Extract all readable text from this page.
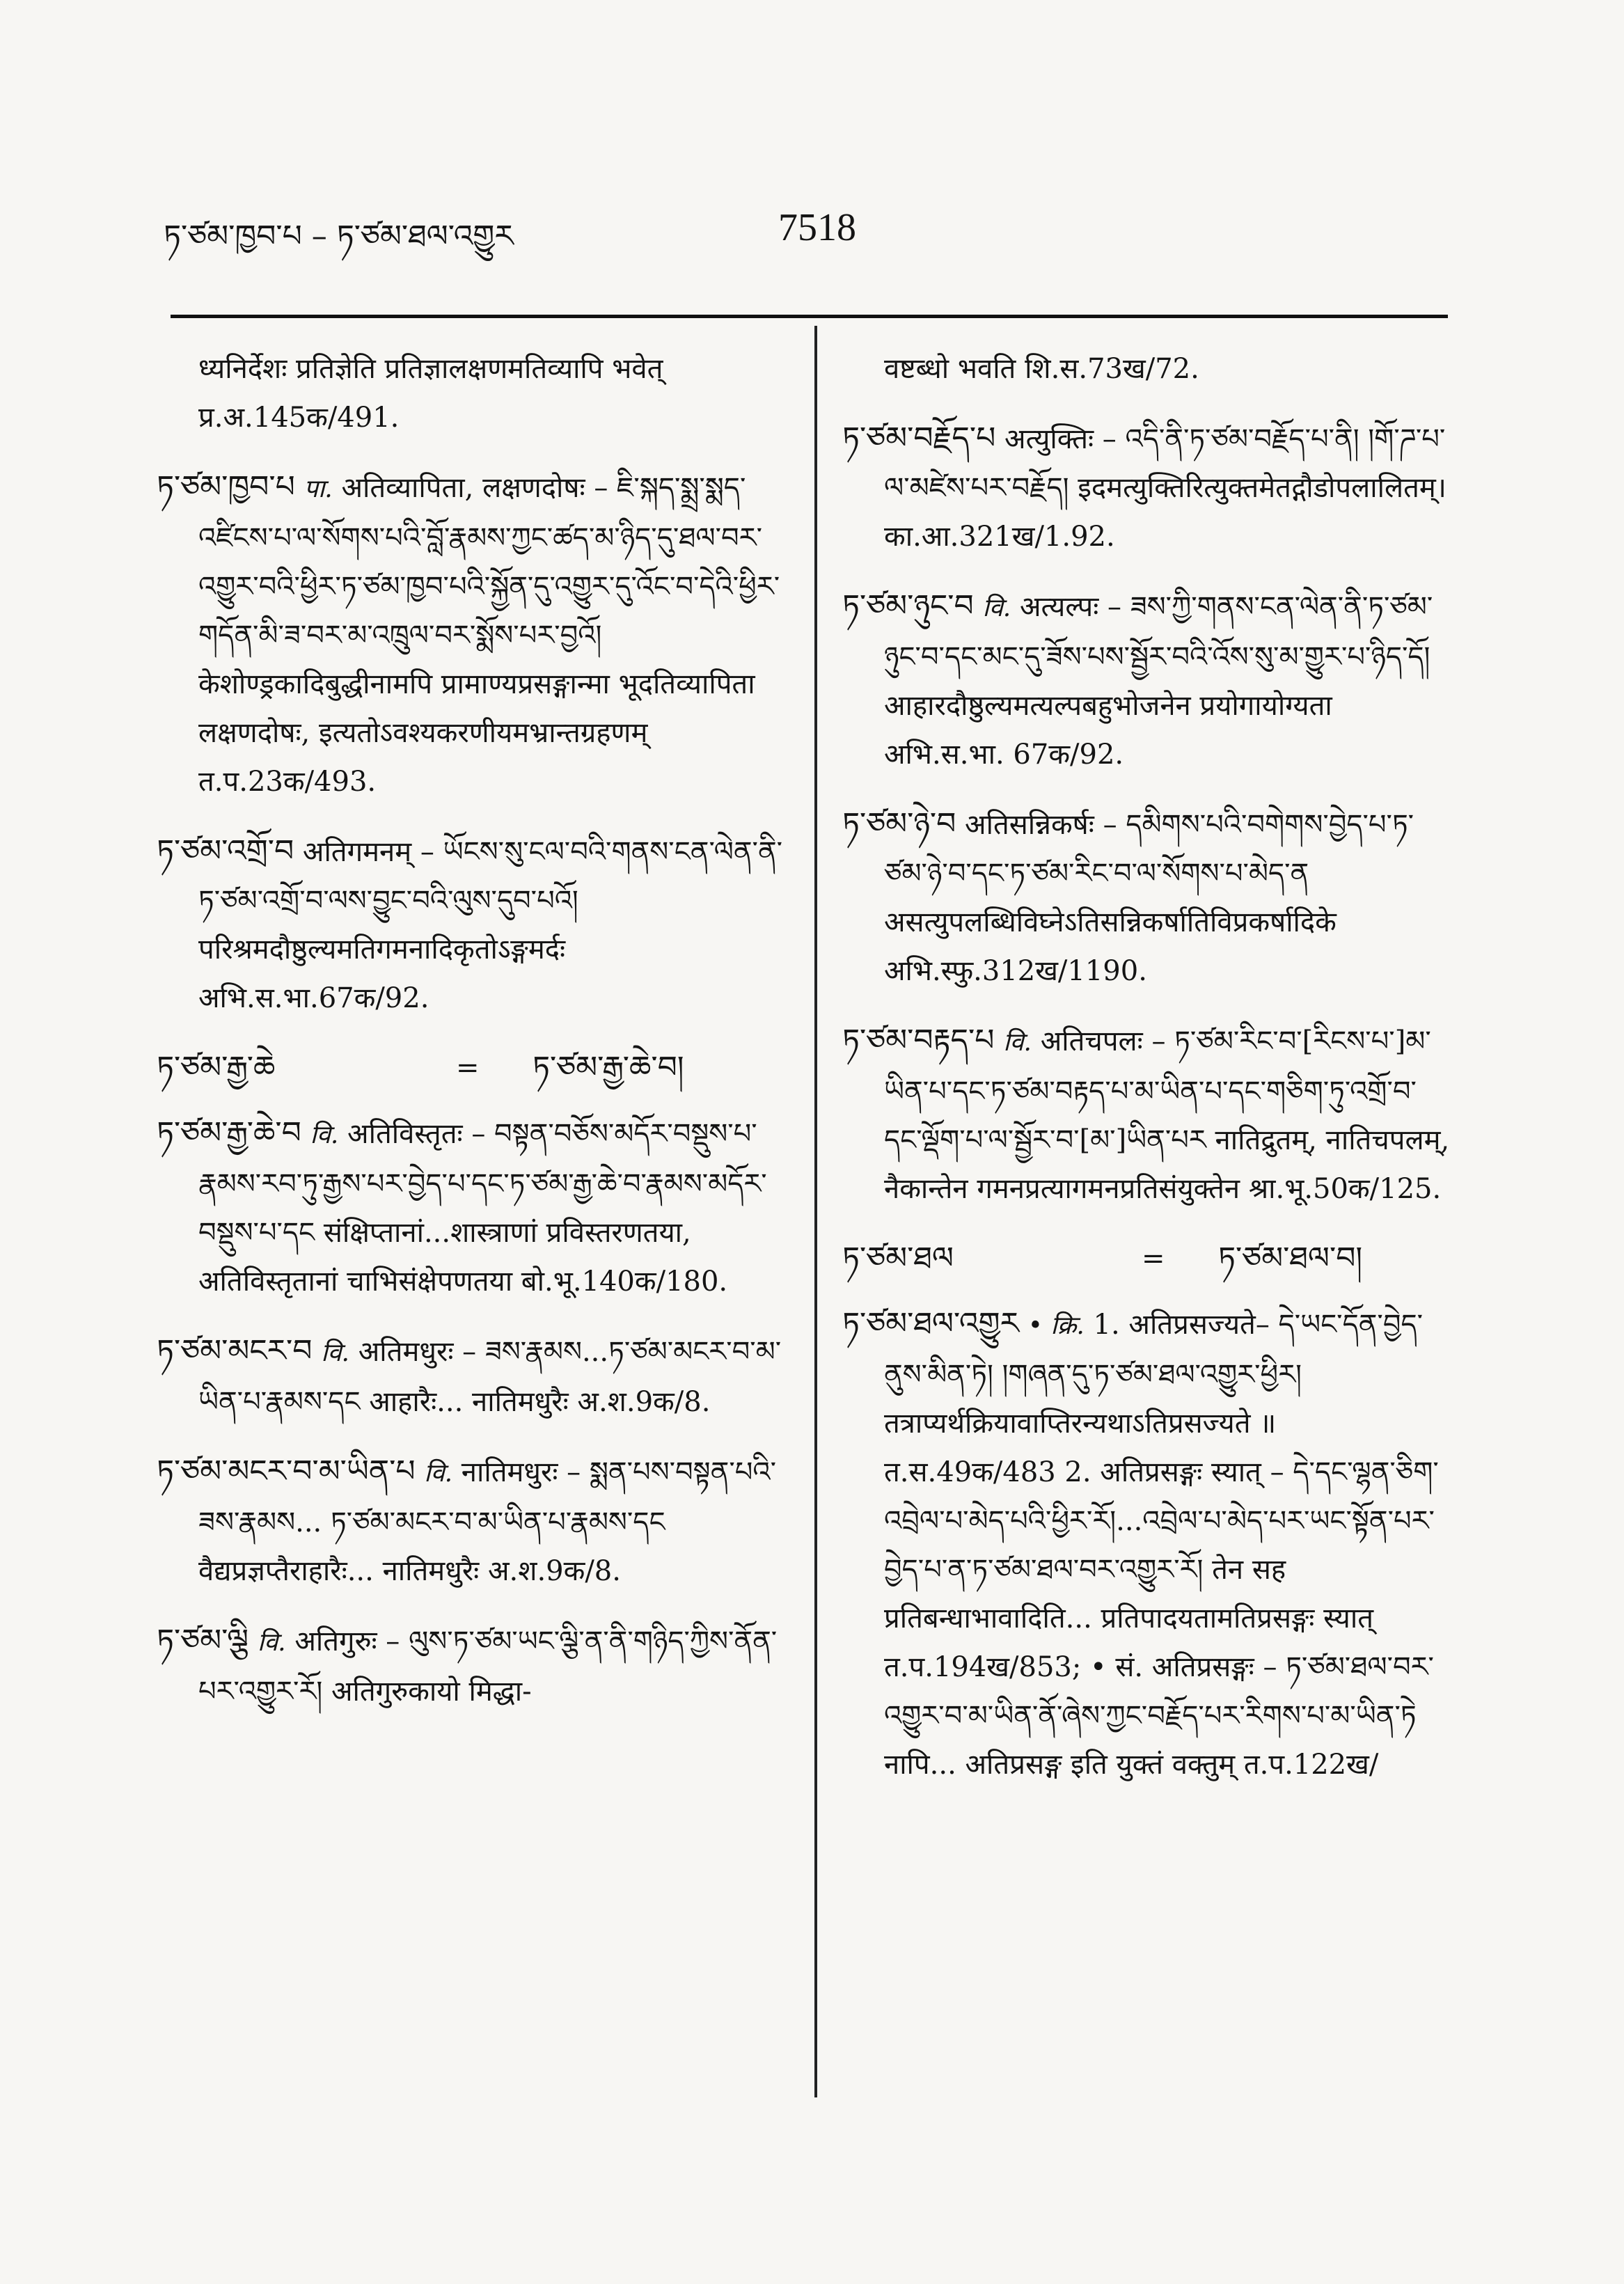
ཏ་ཙམ་ཁྱབ་པ – ཏ་ཙམ་ཐལ་འགྱུར	7518

ध्यनिर्देशः प्रतिज्ञेति प्रतिज्ञालक्षणमतिव्यापि भवेत् प्र.अ.145क/491.

ཏ་ཙམ་ཁྱབ་པ पा. अतिव्यापिता, लक्षणदोषः – ཇི་སྐད་སྨྲ་སྨད་འཛིངས་པ་ལ་སོགས་པའི་བློ་རྣམས་ཀྱང་ཚད་མ་ཉིད་དུ་ཐལ་བར་འགྱུར་བའི་ཕྱིར་ཏ་ཙམ་ཁྱབ་པའི་སྐྱོན་དུ་འགྱུར་དུ་འོང་བ་དེའི་ཕྱིར་གདོན་མི་ཟ་བར་མ་འཁྲུལ་བར་སྨོས་པར་བྱའོ། केशोण्ड्रकादिबुद्धीनामपि प्रामाण्यप्रसङ्गान्मा भूदतिव्यापिता लक्षणदोषः, इत्यतोऽवश्यकरणीयमभ्रान्तग्रहणम् त.प.23क/493.

ཏ་ཙམ་འགྲོ་བ अतिगमनम् – ཡོངས་སུ་ངལ་བའི་གནས་ངན་ལེན་ནི་ཏ་ཙམ་འགྲོ་བ་ལས་བྱུང་བའི་ལུས་དུབ་པའོ། परिश्रमदौष्ठुल्यमतिगमनादिकृतोऽङ्गमर्दः अभि.स.भा.67क/92.

ཏ་ཙམ་རྒྱ་ཆེ	=	ཏ་ཙམ་རྒྱ་ཆེ་བ།

ཏ་ཙམ་རྒྱ་ཆེ་བ वि. अतिविस्तृतः – བསྟན་བཅོས་མདོར་བསྡུས་པ་རྣམས་རབ་ཏུ་རྒྱས་པར་བྱེད་པ་དང་ཏ་ཙམ་རྒྱ་ཆེ་བ་རྣམས་མདོར་བསྡུས་པ་དང संक्षिप्तानां...शास्त्राणां प्रविस्तरणतया, अतिविस्तृतानां चाभिसंक्षेपणतया बो.भू.140क/180.

ཏ་ཙམ་མངར་བ वि. अतिमधुरः – ཟས་རྣམས...ཏ་ཙམ་མངར་བ་མ་ཡིན་པ་རྣམས་དང आहारैः... नातिमधुरैः अ.श.9क/8.

ཏ་ཙམ་མངར་བ་མ་ཡིན་པ वि. नातिमधुरः – སྨན་པས་བསྟན་པའི་ཟས་རྣམས... ཏ་ཙམ་མངར་བ་མ་ཡིན་པ་རྣམས་དང वैद्यप्रज्ञप्तैराहारैः... नातिमधुरैः अ.श.9क/8.

ཏ་ཙམ་ལྕི वि. अतिगुरुः – ལུས་ཏ་ཙམ་ཡང་ལྕི་ན་ནི་གཉིད་ཀྱིས་ནོན་པར་འགྱུར་རོ། अतिगुरुकायो मिद्धा-

वष्टब्धो भवति शि.स.73ख/72.

ཏ་ཙམ་བརྗོད་པ अत्युक्तिः – འདི་ནི་ཏ་ཙམ་བརྗོད་པ་ནི། །གོ་ཌ་པ་ལ་མཛེས་པར་བརྗོད། इदमत्युक्तिरित्युक्तमेतद्गौडोपलालितम्। का.आ.321ख/1.92.

ཏ་ཙམ་ཉུང་བ वि. अत्यल्पः – ཟས་ཀྱི་གནས་ངན་ལེན་ནི་ཏ་ཙམ་ཉུང་བ་དང་མང་དུ་ཟོས་པས་སྦྱོར་བའི་འོས་སུ་མ་གྱུར་པ་ཉིད་དོ། आहारदौष्ठुल्यमत्यल्पबहुभोजनेन प्रयोगायोग्यता अभि.स.भा. 67क/92.

ཏ་ཙམ་ཉེ་བ अतिसन्निकर्षः – དམིགས་པའི་བགེགས་བྱེད་པ་ཏ་ཙམ་ཉེ་བ་དང་ཏ་ཙམ་རིང་བ་ལ་སོགས་པ་མེད་ན असत्युपलब्धिविघ्नेऽतिसन्निकर्षातिविप्रकर्षादिके अभि.स्फु.312ख/1190.

ཏ་ཙམ་བརྟད་པ वि. अतिचपलः – ཏ་ཙམ་རིང་བ་[རིངས་པ་]མ་ཡིན་པ་དང་ཏ་ཙམ་བརྟད་པ་མ་ཡིན་པ་དང་གཅིག་ཏུ་འགྲོ་བ་དང་ལྡོག་པ་ལ་སྦྱོར་བ་[མ་]ཡིན་པར नातिद्रुतम्, नातिचपलम्, नैकान्तेन गमनप्रत्यागमनप्रतिसंयुक्तेन श्रा.भू.50क/125.

ཏ་ཙམ་ཐལ	=	ཏ་ཙམ་ཐལ་བ།

ཏ་ཙམ་ཐལ་འགྱུར • क्रि. 1. अतिप्रसज्यते– དེ་ཡང་དོན་བྱེད་ནུས་མིན་ཏེ། །གཞན་དུ་ཏ་ཙམ་ཐལ་འགྱུར་ཕྱིར། तत्राप्यर्थक्रियावाप्तिरन्यथाऽतिप्रसज्यते ॥ त.स.49क/483 2. अतिप्रसङ्गः स्यात् – དེ་དང་ལྷན་ཅིག་འབྲེལ་པ་མེད་པའི་ཕྱིར་རོ།...འབྲེལ་པ་མེད་པར་ཡང་སྟོན་པར་བྱེད་པ་ན་ཏ་ཙམ་ཐལ་བར་འགྱུར་རོ། तेन सह प्रतिबन्धाभावादिति... प्रतिपादयतामतिप्रसङ्गः स्यात् त.प.194ख/853; • सं. अतिप्रसङ्गः – ཏ་ཙམ་ཐལ་བར་འགྱུར་བ་མ་ཡིན་ནོ་ཞེས་ཀྱང་བརྗོད་པར་རིགས་པ་མ་ཡིན་ཏེ नापि... अतिप्रसङ्ग इति युक्तं वक्तुम् त.प.122ख/
